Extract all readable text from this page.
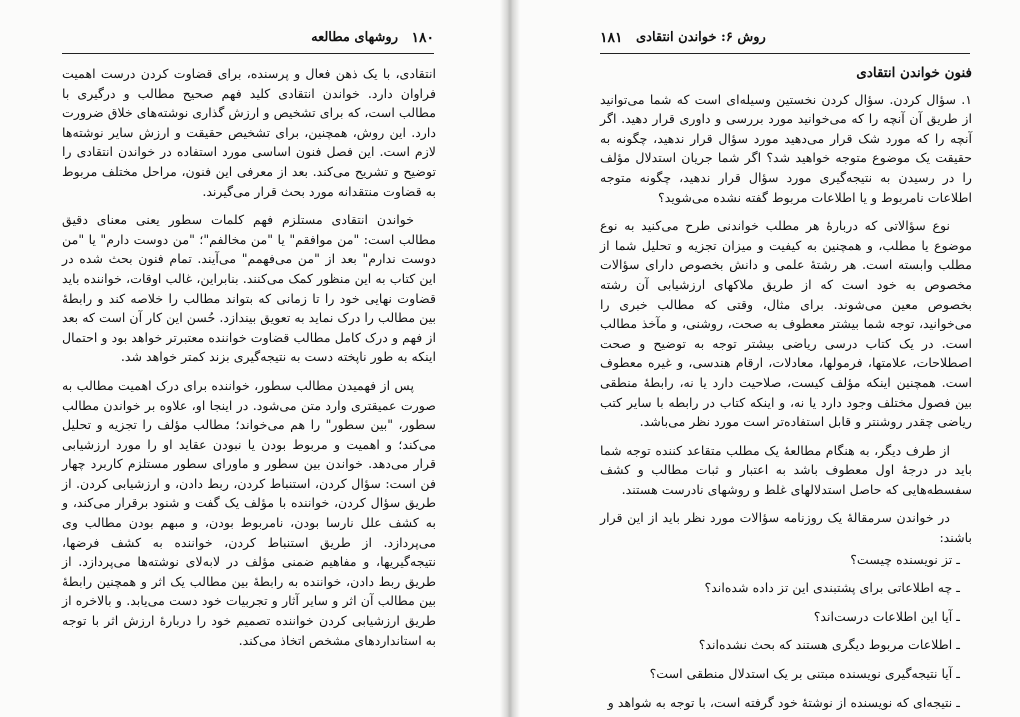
۱۸۰
روشهای مطالعه

انتقادی، با یک ذهن فعال و پرسنده، برای قضاوت کردن درست اهمیت فراوان دارد. خواندن انتقادی کلید فهم صحیح مطالب و درگیری با مطالب است، که برای تشخیص و ارزش گذاری نوشته‌های خلاق ضرورت دارد. این روش، همچنین، برای تشخیص حقیقت و ارزش سایر نوشته‌ها لازم است. این فصل فنون اساسی مورد استفاده در خواندن انتقادی را توضیح و تشریح می‌کند. بعد از معرفی این فنون، مراحل مختلف مربوط به قضاوت منتقدانه مورد بحث قرار می‌گیرند.

خواندن انتقادی مستلزم فهم کلمات سطور یعنی معنای دقیق مطالب است: "من موافقم" یا "من مخالفم"؛ "من دوست دارم" یا "من دوست ندارم" بعد از "من می‌فهمم" می‌آیند. تمام فنون بحث شده در این کتاب به این منظور کمک می‌کنند. بنابراین، غالب اوقات، خواننده باید قضاوت نهایی خود را تا زمانی که بتواند مطالب را خلاصه کند و رابطهٔ بین مطالب را درک نماید به تعویق بیندازد. حُسن این کار آن است که بعد از فهم و درک کامل مطالب قضاوت خواننده معتبرتر خواهد بود و احتمال اینکه به طور ناپخته دست به نتیجه‌گیری بزند کمتر خواهد شد.

پس از فهمیدن مطالب سطور، خواننده برای درک اهمیت مطالب به صورت عمیقتری وارد متن می‌شود. در اینجا او، علاوه بر خواندن مطالب سطور، "بین سطور" را هم می‌خواند؛ مطالب مؤلف را تجزیه و تحلیل می‌کند؛ و اهمیت و مربوط بودن یا نبودن عقاید او را مورد ارزشیابی قرار می‌دهد. خواندن بین سطور و ماورای سطور مستلزم کاربرد چهار فن است: سؤال کردن، استنباط کردن، ربط دادن، و ارزشیابی کردن. از طریق سؤال کردن، خواننده با مؤلف یک گفت و شنود برقرار می‌کند، و به کشف علل نارسا بودن، نامربوط بودن، و مبهم بودن مطالب وی می‌پردازد. از طریق استنباط کردن، خواننده به کشف فرضها، نتیجه‌گیریها، و مفاهیم ضمنی مؤلف در لابه‌لای نوشته‌ها می‌پردازد. از طریق ربط دادن، خواننده به رابطهٔ بین مطالب یک اثر و همچنین رابطهٔ بین مطالب آن اثر و سایر آثار و تجربیات خود دست می‌یابد. و بالاخره از طریق ارزشیابی کردن خواننده تصمیم خود را دربارهٔ ارزش اثر با توجه به استانداردهای مشخص اتخاذ می‌کند.

۱۸۱ روش ۶: خواندن انتقادی
فنون خواندن انتقادی

۱. سؤال کردن. سؤال کردن نخستین وسیله‌ای است که شما می‌توانید از طریق آن آنچه را که می‌خوانید مورد بررسی و داوری قرار دهید. اگر آنچه را که مورد شک قرار می‌دهید مورد سؤال قرار ندهید، چگونه به حقیقت یک موضوع متوجه خواهید شد؟ اگر شما جریان استدلال مؤلف را در رسیدن به نتیجه‌گیری مورد سؤال قرار ندهید، چگونه متوجه اطلاعات نامربوط و یا اطلاعات مربوط گفته نشده می‌شوید؟

نوع سؤالاتی که دربارهٔ هر مطلب خواندنی طرح می‌کنید به نوع موضوع یا مطلب، و همچنین به کیفیت و میزان تجزیه و تحلیل شما از مطلب وابسته است. هر رشتهٔ علمی و دانش بخصوص دارای سؤالات مخصوص به خود است که از طریق ملاکهای ارزشیابی آن رشته بخصوص معین می‌شوند. برای مثال، وقتی که مطالب خبری را می‌خوانید، توجه شما بیشتر معطوف به صحت، روشنی، و مآخذ مطالب است. در یک کتاب درسی ریاضی بیشتر توجه به توضیح و صحت اصطلاحات، علامتها، فرمولها، معادلات، ارقام هندسی، و غیره معطوف است. همچنین اینکه مؤلف کیست، صلاحیت دارد یا نه، رابطهٔ منطقی بین فصول مختلف وجود دارد یا نه، و اینکه کتاب در رابطه با سایر کتب ریاضی چقدر روشنتر و قابل استفاده‌تر است مورد نظر می‌باشد.

از طرف دیگر، به هنگام مطالعهٔ یک مطلب متقاعد کننده توجه شما باید در درجهٔ اول معطوف باشد به اعتبار و ثبات مطالب و کشف سفسطه‌هایی که حاصل استدلالهای غلط و روشهای نادرست هستند.

در خواندن سرمقالهٔ یک روزنامه سؤالات مورد نظر باید از این قرار باشند:

ـ تز نویسنده چیست؟

ـ چه اطلاعاتی برای پشتبندی این تز داده شده‌اند؟

ـ آیا این اطلاعات درست‌اند؟

ـ اطلاعات مربوط دیگری هستند که بحث نشده‌اند؟

ـ آیا نتیجه‌گیری نویسنده مبتنی بر یک استدلال منطقی است؟

ـ نتیجه‌ای که نویسنده از نوشتهٔ خود گرفته است، با توجه به شواهد و
